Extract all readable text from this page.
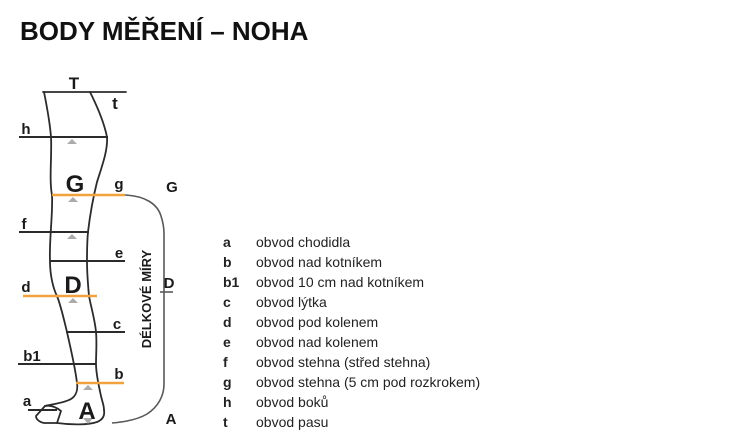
BODY MĚŘENÍ – NOHA
T
t
h
G g
f
e
D
d
c
b1
b
a A
G
D
A
DÉLKOVÉ MÍRY
a	obvod chodidla
b	obvod nad kotníkem
b1	obvod 10 cm nad kotníkem
c	obvod lýtka
d	obvod pod kolenem
e	obvod nad kolenem
f	obvod stehna (střed stehna)
g	obvod stehna (5 cm pod rozkrokem)
h	obvod boků
t	obvod pasu
